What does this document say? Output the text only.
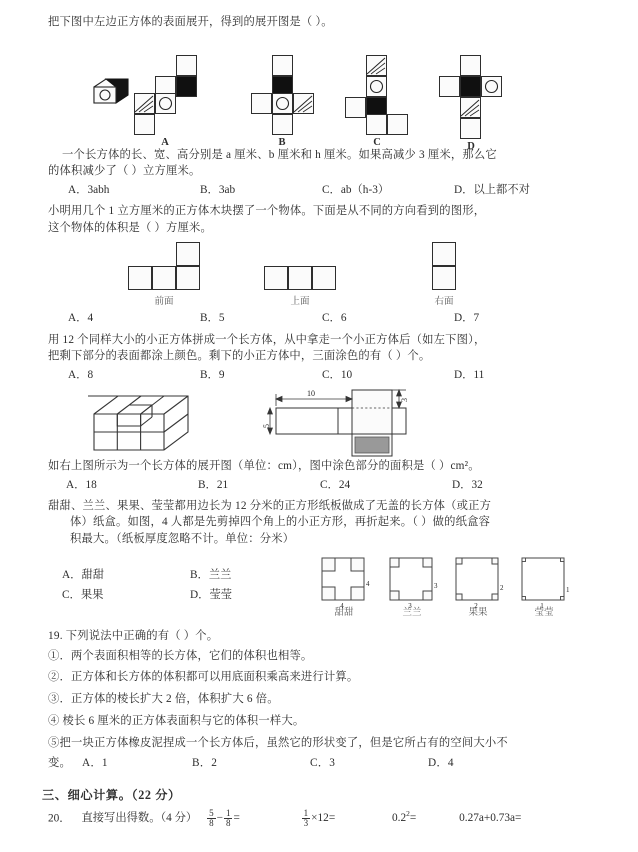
把下图中左边正方体的表面展开，得到的展开图是（ ）。
A	B	C	D
一个长方体的长、宽、高分别是 a 厘米、b 厘米和 h 厘米。如果高减少 3 厘米，那么它
的体积减少了（ ）立方厘米。
A．3abh	B．3ab	C．ab（h-3）	D．以上都不对
小明用几个 1 立方厘米的正方体木块摆了一个物体。下面是从不同的方向看到的图形，
这个物体的体积是（ ）方厘米。
前面	上面	右面
A．4	B．5	C．6	D．7
用 12 个同样大小的小正方体拼成一个长方体，从中拿走一个小正方体后（如左下图），
把剩下部分的表面都涂上颜色。剩下的小正方体中，三面涂色的有（ ）个。
A．8	B．9	C．10	D．11
10
5
3
如右上图所示为一个长方体的展开图（单位：cm），图中涂色部分的面积是（ ）cm²。
A．18	B．21	C．24	D．32
甜甜、兰兰、果果、莹莹都用边长为 12 分米的正方形纸板做成了无盖的长方体（或正方
体）纸盒。如图，4 人都是先剪掉四个角上的小正方形，再折起来。（ ）做的纸盒容
积最大。（纸板厚度忽略不计。单位：分米）
A．甜甜	B．兰兰
C．果果	D．莹莹
4
4
3
3
2
2
1
1
甜甜	兰兰	果果	莹莹
19. 下列说法中正确的有（ ）个。
①．两个表面积相等的长方体，它们的体积也相等。
②．正方体和长方体的体积都可以用底面积乘高来进行计算。
③．正方体的棱长扩大 2 倍，体积扩大 6 倍。
④ 棱长 6 厘米的正方体表面积与它的体积一样大。
⑤把一块正方体橡皮泥捏成一个长方体后，虽然它的形状变了，但是它所占有的空间大小不
变。 A．1	B．2	C．3	D．4
三、细心计算。（22 分）
20． 直接写出得数。（4 分） $\frac{5}{8} - \frac{1}{8}$ =	$\frac{1}{3} \times 12=$	$0.2^2=$	0.27a+0.73a=
